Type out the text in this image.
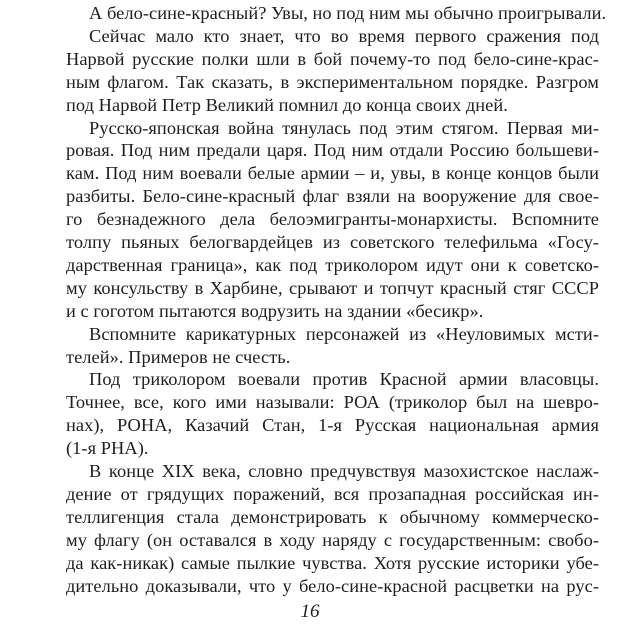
А бело-сине-красный? Увы, но под ним мы обычно проигрывали.
Сейчас мало кто знает, что во время первого сражения под
Нарвой русские полки шли в бой почему-то под бело-сине-крас-
ным флагом. Так сказать, в экспериментальном порядке. Разгром
под Нарвой Петр Великий помнил до конца своих дней.
Русско-японская война тянулась под этим стягом. Первая ми-
ровая. Под ним предали царя. Под ним отдали Россию большеви-
кам. Под ним воевали белые армии – и, увы, в конце концов были
разбиты. Бело-сине-красный флаг взяли на вооружение для свое-
го безнадежного дела белоэмигранты-монархисты. Вспомните
толпу пьяных белогвардейцев из советского телефильма «Госу-
дарственная граница», как под триколором идут они к советско-
му консульству в Харбине, срывают и топчут красный стяг СССР
и с гоготом пытаются водрузить на здании «бесикр».
Вспомните карикатурных персонажей из «Неуловимых мсти-
телей». Примеров не счесть.
Под триколором воевали против Красной армии власовцы.
Точнее, все, кого ими называли: РОА (триколор был на шевро-
нах), РОНА, Казачий Стан, 1-я Русская национальная армия
(1-я РНА).
В конце XIX века, словно предчувствуя мазохистское наслаж-
дение от грядущих поражений, вся прозападная российская ин-
теллигенция стала демонстрировать к обычному коммерческо-
му флагу (он оставался в ходу наряду с государственным: свобо-
да как-никак) самые пылкие чувства. Хотя русские историки убе-
дительно доказывали, что у бело-сине-красной расцветки на рус-
16
